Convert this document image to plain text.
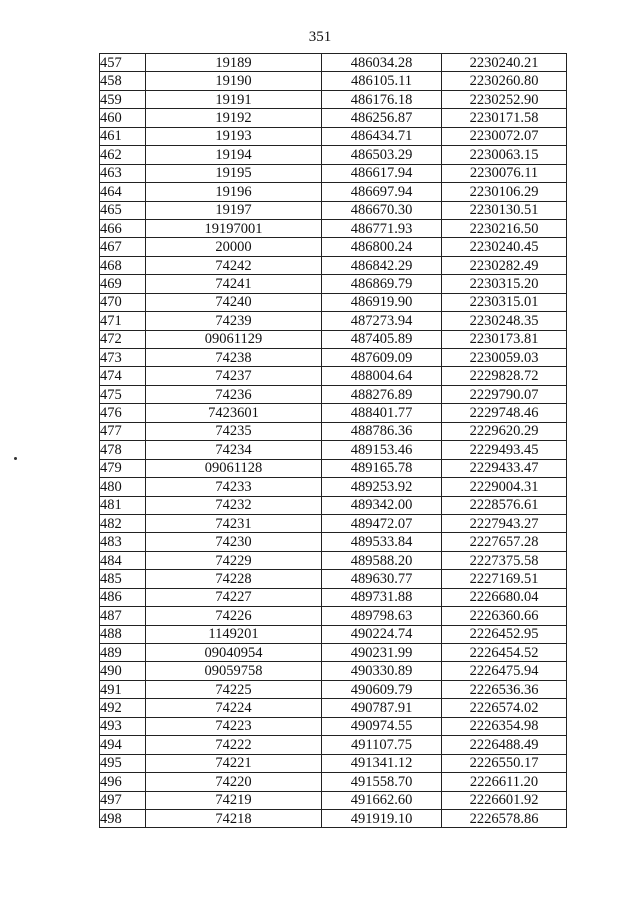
351
457	19189	486034.28	2230240.21
458	19190	486105.11	2230260.80
459	19191	486176.18	2230252.90
460	19192	486256.87	2230171.58
461	19193	486434.71	2230072.07
462	19194	486503.29	2230063.15
463	19195	486617.94	2230076.11
464	19196	486697.94	2230106.29
465	19197	486670.30	2230130.51
466	19197001	486771.93	2230216.50
467	20000	486800.24	2230240.45
468	74242	486842.29	2230282.49
469	74241	486869.79	2230315.20
470	74240	486919.90	2230315.01
471	74239	487273.94	2230248.35
472	09061129	487405.89	2230173.81
473	74238	487609.09	2230059.03
474	74237	488004.64	2229828.72
475	74236	488276.89	2229790.07
476	7423601	488401.77	2229748.46
477	74235	488786.36	2229620.29
478	74234	489153.46	2229493.45
479	09061128	489165.78	2229433.47
480	74233	489253.92	2229004.31
481	74232	489342.00	2228576.61
482	74231	489472.07	2227943.27
483	74230	489533.84	2227657.28
484	74229	489588.20	2227375.58
485	74228	489630.77	2227169.51
486	74227	489731.88	2226680.04
487	74226	489798.63	2226360.66
488	1149201	490224.74	2226452.95
489	09040954	490231.99	2226454.52
490	09059758	490330.89	2226475.94
491	74225	490609.79	2226536.36
492	74224	490787.91	2226574.02
493	74223	490974.55	2226354.98
494	74222	491107.75	2226488.49
495	74221	491341.12	2226550.17
496	74220	491558.70	2226611.20
497	74219	491662.60	2226601.92
498	74218	491919.10	2226578.86
